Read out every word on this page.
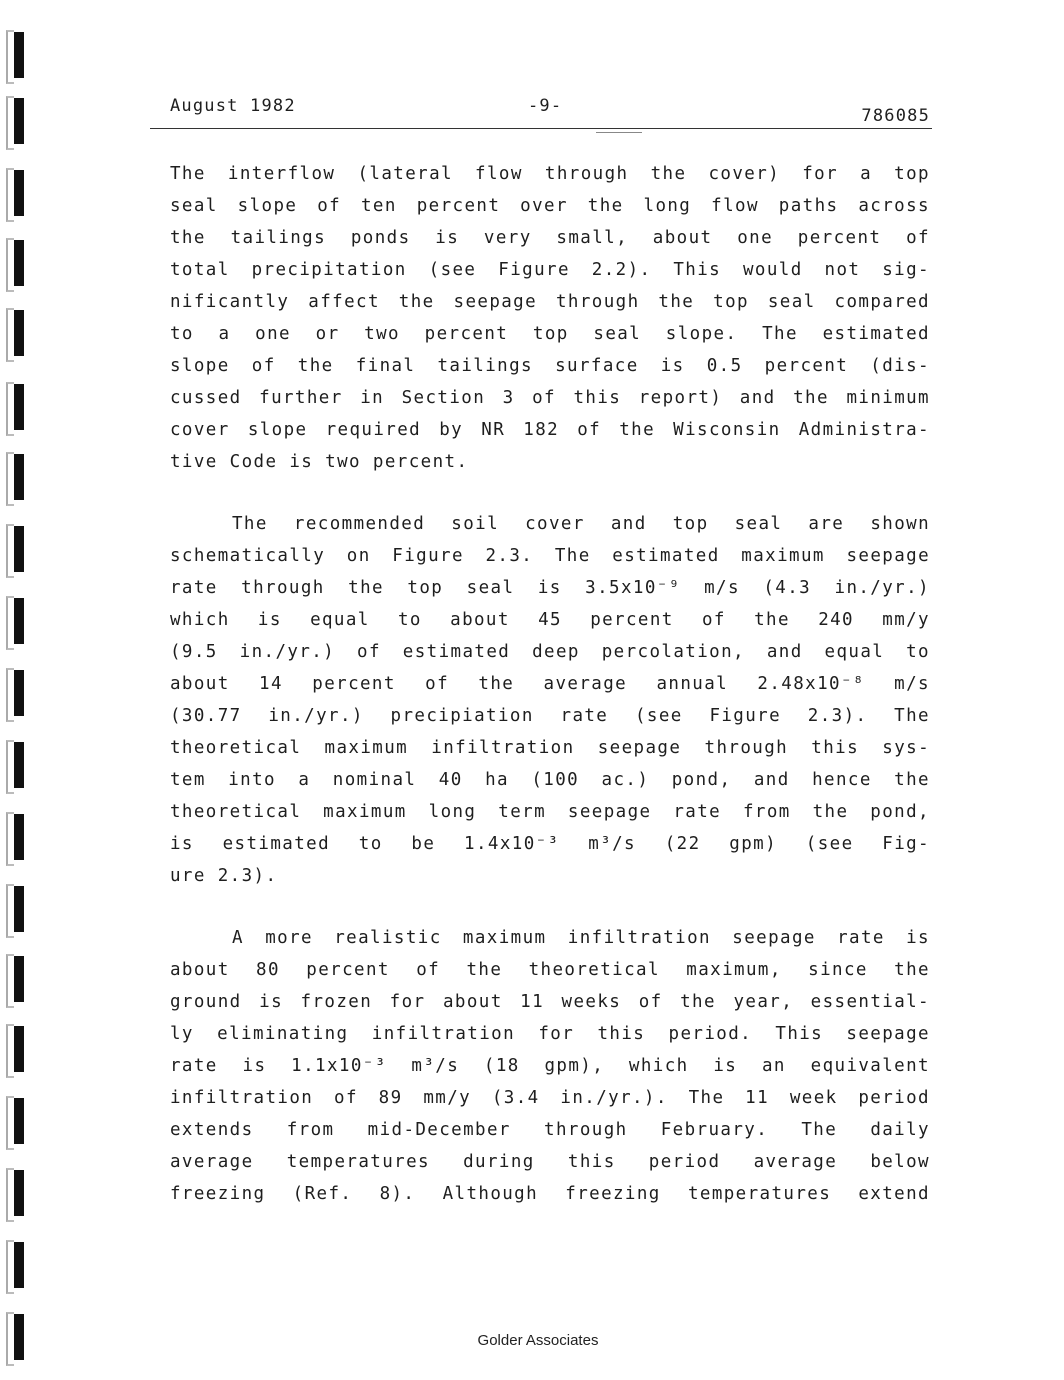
August 1982	-9-	786085

The interflow (lateral flow through the cover) for a top

seal slope of ten percent over the long flow paths across

the tailings ponds is very small, about one percent of

total precipitation (see Figure 2.2). This would not sig-

nificantly affect the seepage through the top seal compared

to a one or two percent top seal slope. The estimated

slope of the final tailings surface is 0.5 percent (dis-

cussed further in Section 3 of this report) and the minimum

cover slope required by NR 182 of the Wisconsin Administra-

tive Code is two percent.

The recommended soil cover and top seal are shown

schematically on Figure 2.3. The estimated maximum seepage

rate through the top seal is 3.5x10⁻⁹ m/s (4.3 in./yr.)

which is equal to about 45 percent of the 240 mm/y

(9.5 in./yr.) of estimated deep percolation, and equal to

about 14 percent of the average annual 2.48x10⁻⁸ m/s

(30.77 in./yr.) precipiation rate (see Figure 2.3). The

theoretical maximum infiltration seepage through this sys-

tem into a nominal 40 ha (100 ac.) pond, and hence the

theoretical maximum long term seepage rate from the pond,

is estimated to be 1.4x10⁻³ m³/s (22 gpm) (see Fig-

ure 2.3).

A more realistic maximum infiltration seepage rate is

about 80 percent of the theoretical maximum, since the

ground is frozen for about 11 weeks of the year, essential-

ly eliminating infiltration for this period. This seepage

rate is 1.1x10⁻³ m³/s (18 gpm), which is an equivalent

infiltration of 89 mm/y (3.4 in./yr.). The 11 week period

extends from mid-December through February. The daily

average temperatures during this period average below

freezing (Ref. 8). Although freezing temperatures extend

Golder Associates
